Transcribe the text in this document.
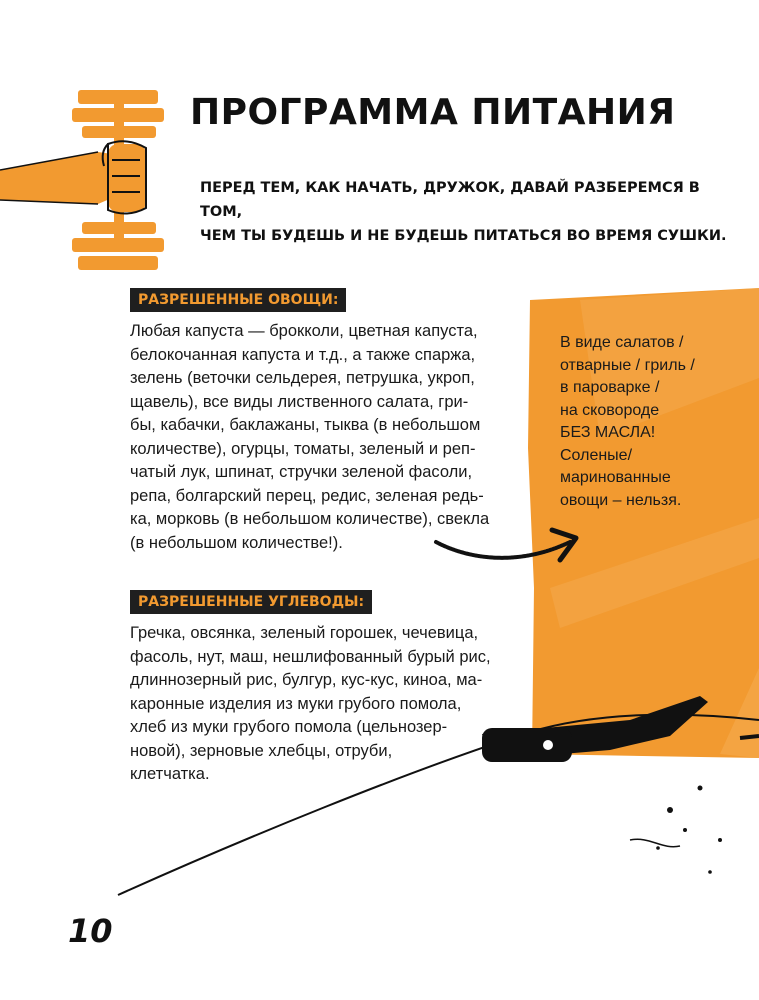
ПРОГРАММА ПИТАНИЯ
ПЕРЕД ТЕМ, КАК НАЧАТЬ, ДРУЖОК, ДАВАЙ РАЗБЕРЕМСЯ В ТОМ,
ЧЕМ ТЫ БУДЕШЬ И НЕ БУДЕШЬ ПИТАТЬСЯ ВО ВРЕМЯ СУШКИ.
РАЗРЕШЕННЫЕ ОВОЩИ:

Любая капуста — брокколи, цветная капуста,

белокочанная капуста и т.д., а также спаржа,

зелень (веточки сельдерея, петрушка, укроп,

щавель), все виды лиственного салата, гри-

бы, кабачки, баклажаны, тыква (в небольшом

количестве), огурцы, томаты, зеленый и реп-

чатый лук, шпинат, стручки зеленой фасоли,

репа, болгарский перец, редис, зеленая редь-

ка, морковь (в небольшом количестве), свекла

(в небольшом количестве!).

РАЗРЕШЕННЫЕ УГЛЕВОДЫ:

Гречка, овсянка, зеленый горошек, чечевица,

фасоль, нут, маш, нешлифованный бурый рис,

длиннозерный рис, булгур, кус-кус, киноа, ма-

каронные изделия из муки грубого помола,

хлеб из муки грубого помола (цельнозер-

новой), зерновые хлебцы, отруби,

клетчатка.

В виде салатов /

отварные / гриль /

в пароварке /

на сковороде

БЕЗ МАСЛА!

Соленые/

маринованные

овощи – нельзя.

10
